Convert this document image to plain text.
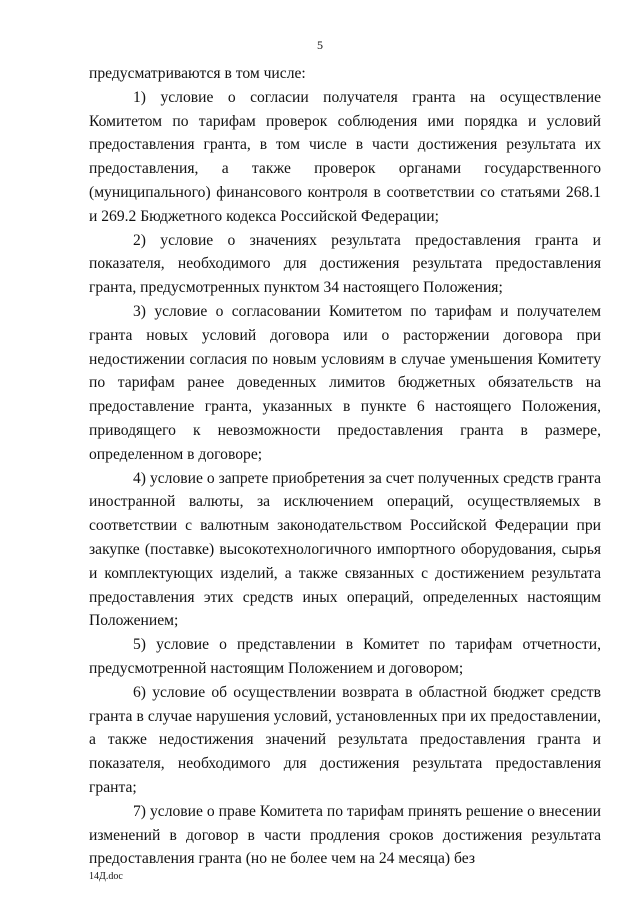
5

предусматриваются в том числе:

1) условие о согласии получателя гранта на осуществление Комитетом по тарифам проверок соблюдения ими порядка и условий предоставления гранта, в том числе в части достижения результата их предоставления, а также проверок органами государственного (муниципального) финансового контроля в соответствии со статьями 268.1 и 269.2 Бюджетного кодекса Российской Федерации;

2) условие о значениях результата предоставления гранта и показателя, необходимого для достижения результата предоставления гранта, предусмотренных пунктом 34 настоящего Положения;

3) условие о согласовании Комитетом по тарифам и получателем гранта новых условий договора или о расторжении договора при недостижении согласия по новым условиям в случае уменьшения Комитету по тарифам ранее доведенных лимитов бюджетных обязательств на предоставление гранта, указанных в пункте 6 настоящего Положения, приводящего к невозможности предоставления гранта в размере, определенном в договоре;

4) условие о запрете приобретения за счет полученных средств гранта иностранной валюты, за исключением операций, осуществляемых в соответствии с валютным законодательством Российской Федерации при закупке (поставке) высокотехнологичного импортного оборудования, сырья и комплектующих изделий, а также связанных с достижением результата предоставления этих средств иных операций, определенных настоящим Положением;

5) условие о представлении в Комитет по тарифам отчетности, предусмотренной настоящим Положением и договором;

6) условие об осуществлении возврата в областной бюджет средств гранта в случае нарушения условий, установленных при их предоставлении, а также недостижения значений результата предоставления гранта и показателя, необходимого для достижения результата предоставления гранта;

7) условие о праве Комитета по тарифам принять решение о внесении изменений в договор в части продления сроков достижения результата предоставления гранта (но не более чем на 24 месяца) без

14Д.doc
